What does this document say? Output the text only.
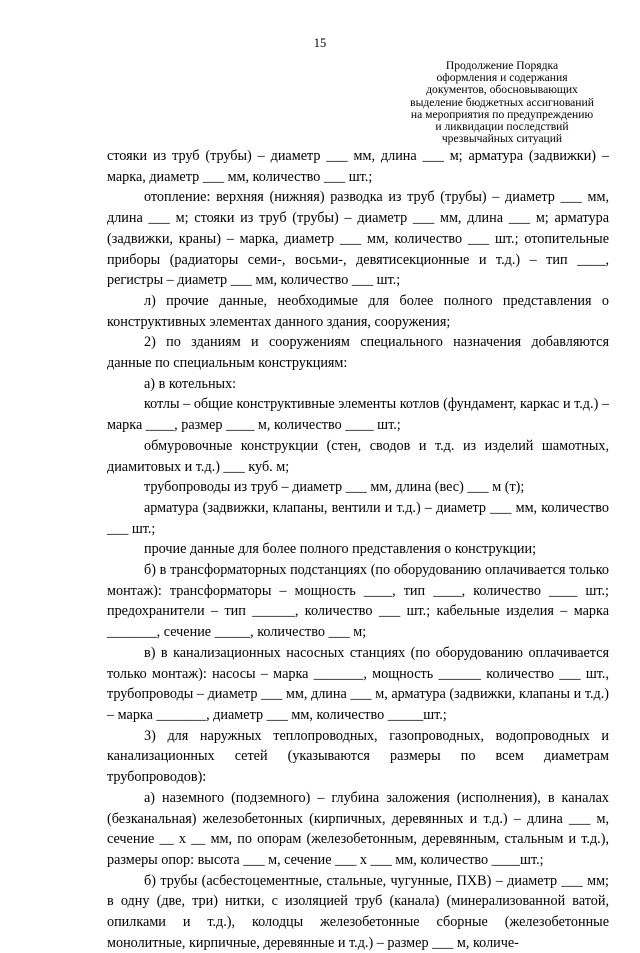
15
Продолжение Порядка
оформления и содержания
документов, обосновывающих
выделение бюджетных ассигнований
на мероприятия по предупреждению
и ликвидации последствий
чрезвычайных ситуаций

стояки из труб (трубы) – диаметр ___ мм, длина ___ м; арматура (задвижки) – марка, диаметр ___ мм, количество ___ шт.;

отопление: верхняя (нижняя) разводка из труб (трубы) – диаметр ___ мм, длина ___ м; стояки из труб (трубы) – диаметр ___ мм, длина ___ м; арматура (задвижки, краны) – марка, диаметр ___ мм, количество ___ шт.; отопительные приборы (радиаторы семи-, восьми-, девятисекционные и т.д.) – тип ____, регистры – диаметр ___ мм, количество ___ шт.;

л) прочие данные, необходимые для более полного представления о конструктивных элементах данного здания, сооружения;

2) по зданиям и сооружениям специального назначения добавляются данные по специальным конструкциям:

а) в котельных:

котлы – общие конструктивные элементы котлов (фундамент, каркас и т.д.) – марка ____, размер ____ м, количество ____ шт.;

обмуровочные конструкции (стен, сводов и т.д. из изделий шамотных, диамитовых и т.д.) ___ куб. м;

трубопроводы из труб – диаметр ___ мм, длина (вес) ___ м (т);

арматура (задвижки, клапаны, вентили и т.д.) – диаметр ___ мм, количество ___ шт.;

прочие данные для более полного представления о конструкции;

б) в трансформаторных подстанциях (по оборудованию оплачивается только монтаж): трансформаторы – мощность ____, тип ____, количество ____ шт.; предохранители – тип ______, количество ___ шт.; кабельные изделия – марка _______, сечение _____, количество ___ м;

в) в канализационных насосных станциях (по оборудованию оплачивается только монтаж): насосы – марка _______, мощность ______ количество ___ шт., трубопроводы – диаметр ___ мм, длина ___ м, арматура (задвижки, клапаны и т.д.) – марка _______, диаметр ___ мм, количество _____шт.;

3) для наружных теплопроводных, газопроводных, водопроводных и канализационных сетей (указываются размеры по всем диаметрам трубопроводов):

а) наземного (подземного) – глубина заложения (исполнения), в каналах (безканальная) железобетонных (кирпичных, деревянных и т.д.) – длина ___ м, сечение __ х __ мм, по опорам (железобетонным, деревянным, стальным и т.д.), размеры опор: высота ___ м, сечение ___ х ___ мм, количество ____шт.;

б) трубы (асбестоцементные, стальные, чугунные, ПХВ) – диаметр ___ мм; в одну (две, три) нитки, с изоляцией труб (канала) (минерализованной ватой, опилками и т.д.), колодцы железобетонные сборные (железобетонные монолитные, кирпичные, деревянные и т.д.) – размер ___ м, количе-
